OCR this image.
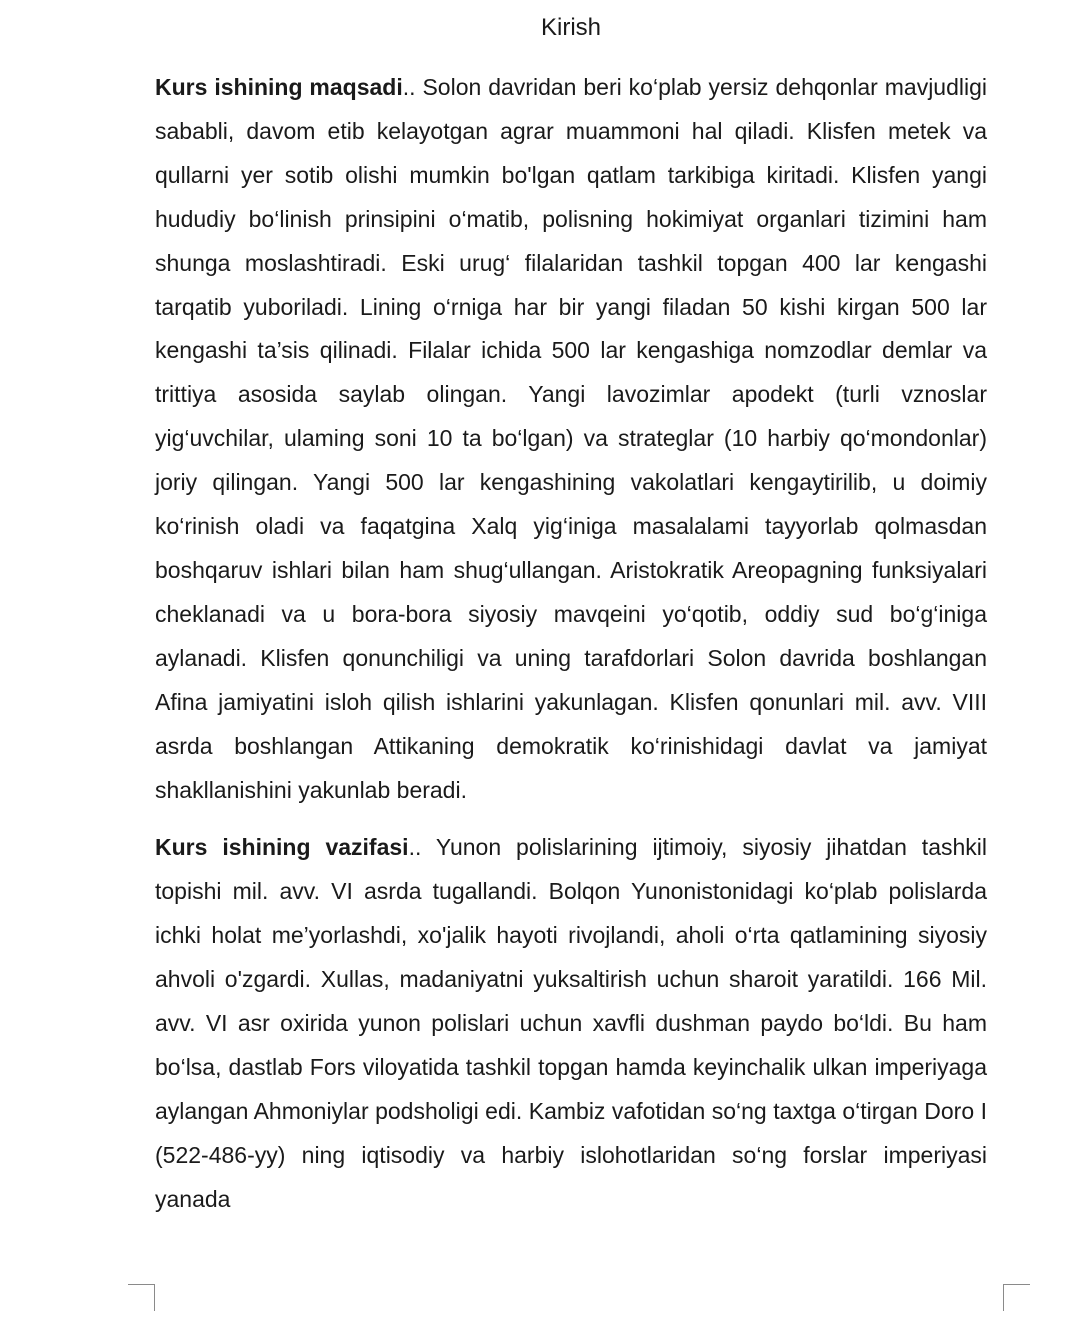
Kirish

Kurs ishining maqsadi.. Solon davridan beri ko‘plab yersiz dehqonlar mavjudligi sababli, davom etib kelayotgan agrar muammoni hal qiladi. Klisfen metek va qullarni yer sotib olishi mumkin bo'lgan qatlam tarkibiga kiritadi. Klisfen yangi hududiy bo‘linish prinsipini o‘matib, polisning hokimiyat organlari tizimini ham shunga moslashtiradi. Eski urug‘ filalaridan tashkil topgan 400 lar kengashi tarqatib yuboriladi. Lining o‘rniga har bir yangi filadan 50 kishi kirgan 500 lar kengashi ta’sis qilinadi. Filalar ichida 500 lar kengashiga nomzodlar demlar va trittiya asosida saylab olingan. Yangi lavozimlar apodekt (turli vznoslar yig‘uvchilar, ulaming soni 10 ta bo‘lgan) va strateglar (10 harbiy qo‘mondonlar) joriy qilingan. Yangi 500 lar kengashining vakolatlari kengaytirilib, u doimiy ko‘rinish oladi va faqatgina Xalq yig‘iniga masalalami tayyorlab qolmasdan boshqaruv ishlari bilan ham shug‘ullangan. Aristokratik Areopagning funksiyalari cheklanadi va u bora-bora siyosiy mavqeini yo‘qotib, oddiy sud bo‘g‘iniga aylanadi. Klisfen qonunchiligi va uning tarafdorlari Solon davrida boshlangan Afina jamiyatini isloh qilish ishlarini yakunlagan. Klisfen qonunlari mil. avv. VIII asrda boshlangan Attikaning demokratik ko‘rinishidagi davlat va jamiyat shakllanishini yakunlab beradi.

Kurs ishining vazifasi.. Yunon polislarining ijtimoiy, siyosiy jihatdan tashkil topishi mil. avv. VI asrda tugallandi. Bolqon Yunonistonidagi ko‘plab polislarda ichki holat me’yorlashdi, xo'jalik hayoti rivojlandi, aholi o‘rta qatlamining siyosiy ahvoli o'zgardi. Xullas, madaniyatni yuksaltirish uchun sharoit yaratildi. 166 Mil. avv. VI asr oxirida yunon polislari uchun xavfli dushman paydo bo‘ldi. Bu ham bo‘lsa, dastlab Fors viloyatida tashkil topgan hamda keyinchalik ulkan imperiyaga aylangan Ahmoniylar podsholigi edi. Kambiz vafotidan so‘ng taxtga o‘tirgan Doro I (522-486-yy) ning iqtisodiy va harbiy islohotlaridan so‘ng forslar imperiyasi yanada
